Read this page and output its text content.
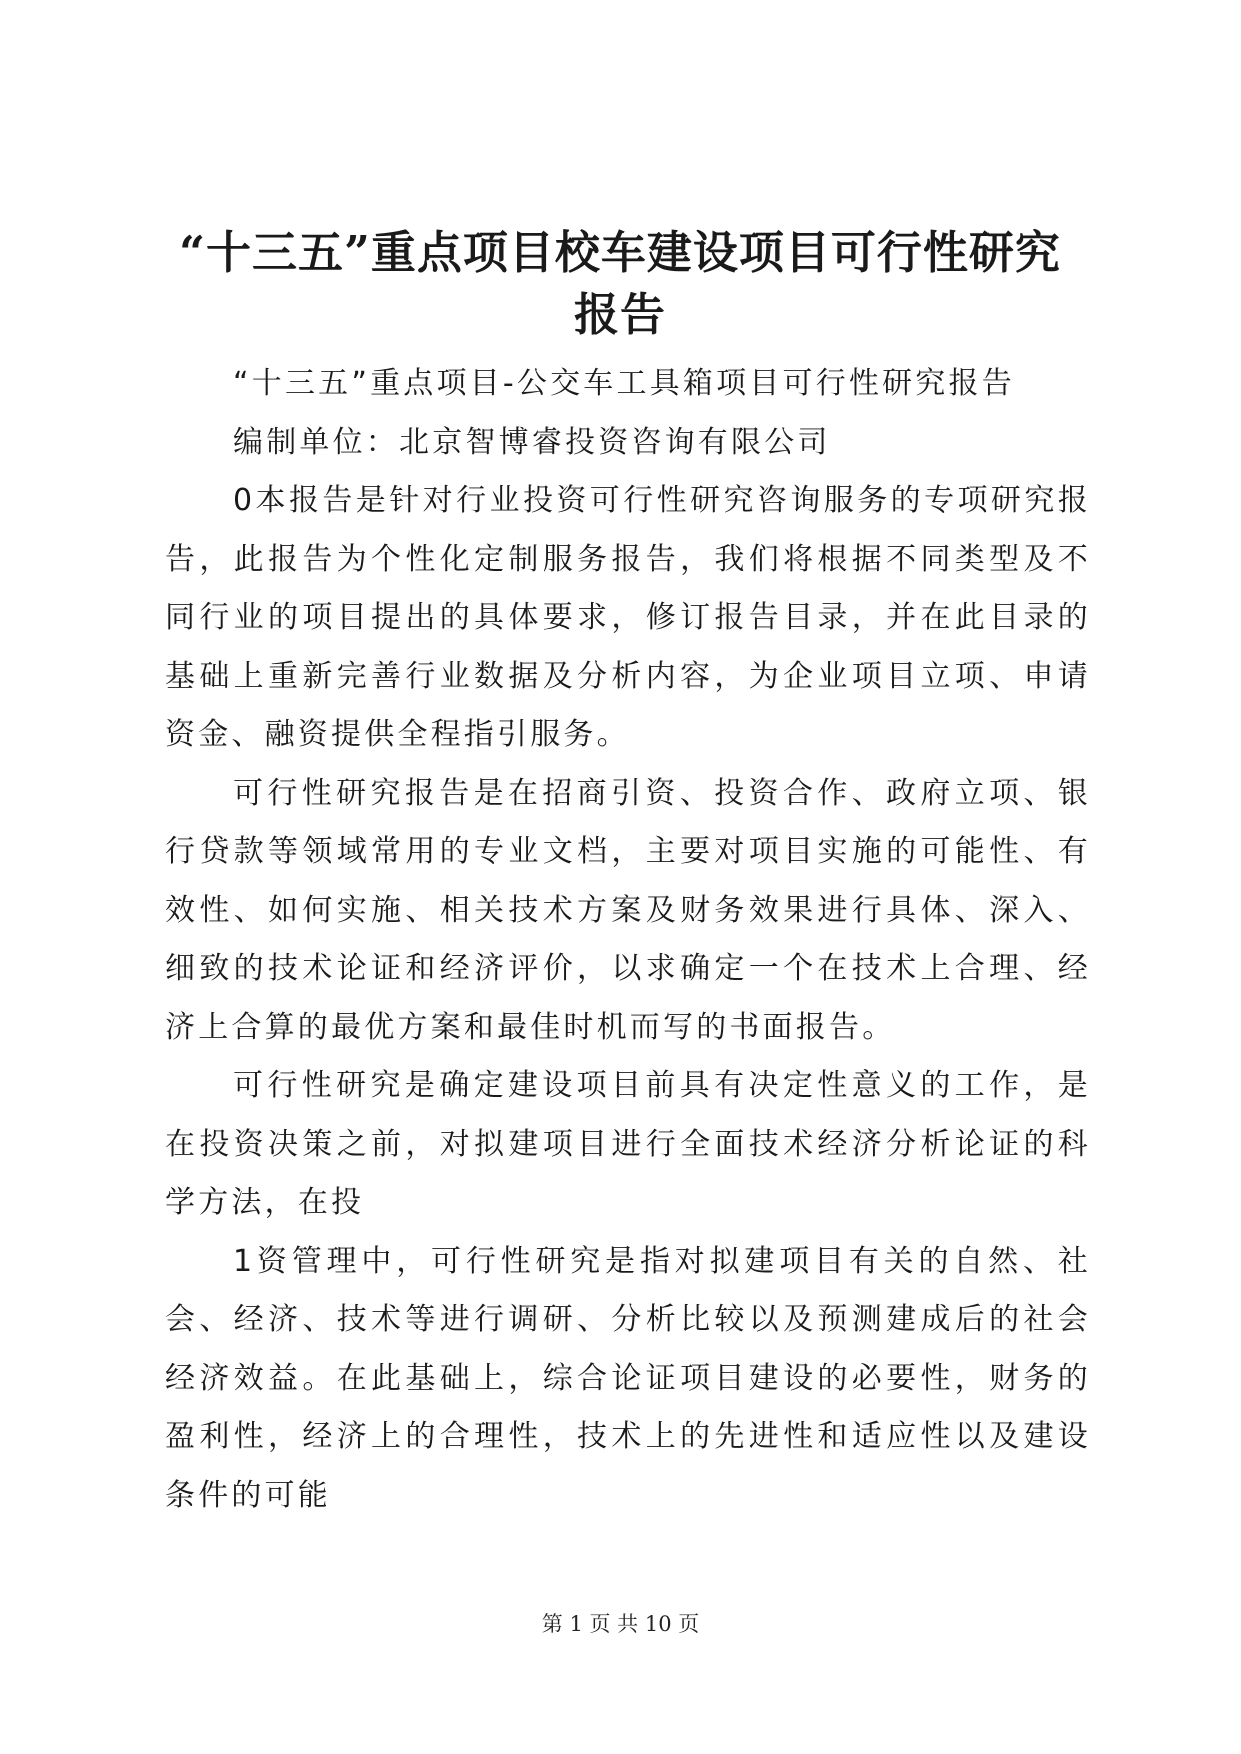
“十三五”重点项目校车建设项目可行性研究
报告

“十三五”重点项目-公交车工具箱项目可行性研究报告

编制单位：北京智博睿投资咨询有限公司

0本报告是针对行业投资可行性研究咨询服务的专项研究报告，此报告为个性化定制服务报告，我们将根据不同类型及不同行业的项目提出的具体要求，修订报告目录，并在此目录的基础上重新完善行业数据及分析内容，为企业项目立项、申请资金、融资提供全程指引服务。

可行性研究报告是在招商引资、投资合作、政府立项、银行贷款等领域常用的专业文档，主要对项目实施的可能性、有效性、如何实施、相关技术方案及财务效果进行具体、深入、细致的技术论证和经济评价，以求确定一个在技术上合理、经济上合算的最优方案和最佳时机而写的书面报告。

可行性研究是确定建设项目前具有决定性意义的工作，是在投资决策之前，对拟建项目进行全面技术经济分析论证的科学方法，在投

1资管理中，可行性研究是指对拟建项目有关的自然、社会、经济、技术等进行调研、分析比较以及预测建成后的社会经济效益。在此基础上，综合论证项目建设的必要性，财务的盈利性，经济上的合理性，技术上的先进性和适应性以及建设条件的可能

第 1 页 共 10 页
